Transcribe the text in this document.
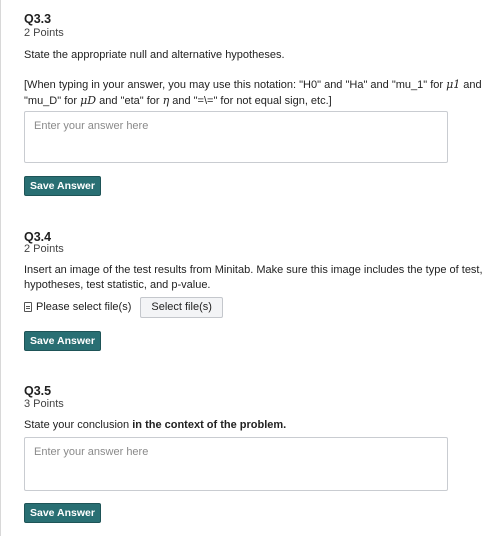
Q3.3
2 Points
State the appropriate null and alternative hypotheses.
[When typing in your answer, you may use this notation: "H0" and "Ha" and "mu_1" for μ1 and
"mu_D" for μD and "eta" for η and "=\=" for not equal sign, etc.]
Enter your answer here
Save Answer
Q3.4
2 Points
Insert an image of the test results from Minitab. Make sure this image includes the type of test,
hypotheses, test statistic, and p-value.
Please select file(s)	Select file(s)
Save Answer
Q3.5
3 Points
State your conclusion in the context of the problem.
Enter your answer here
Save Answer
